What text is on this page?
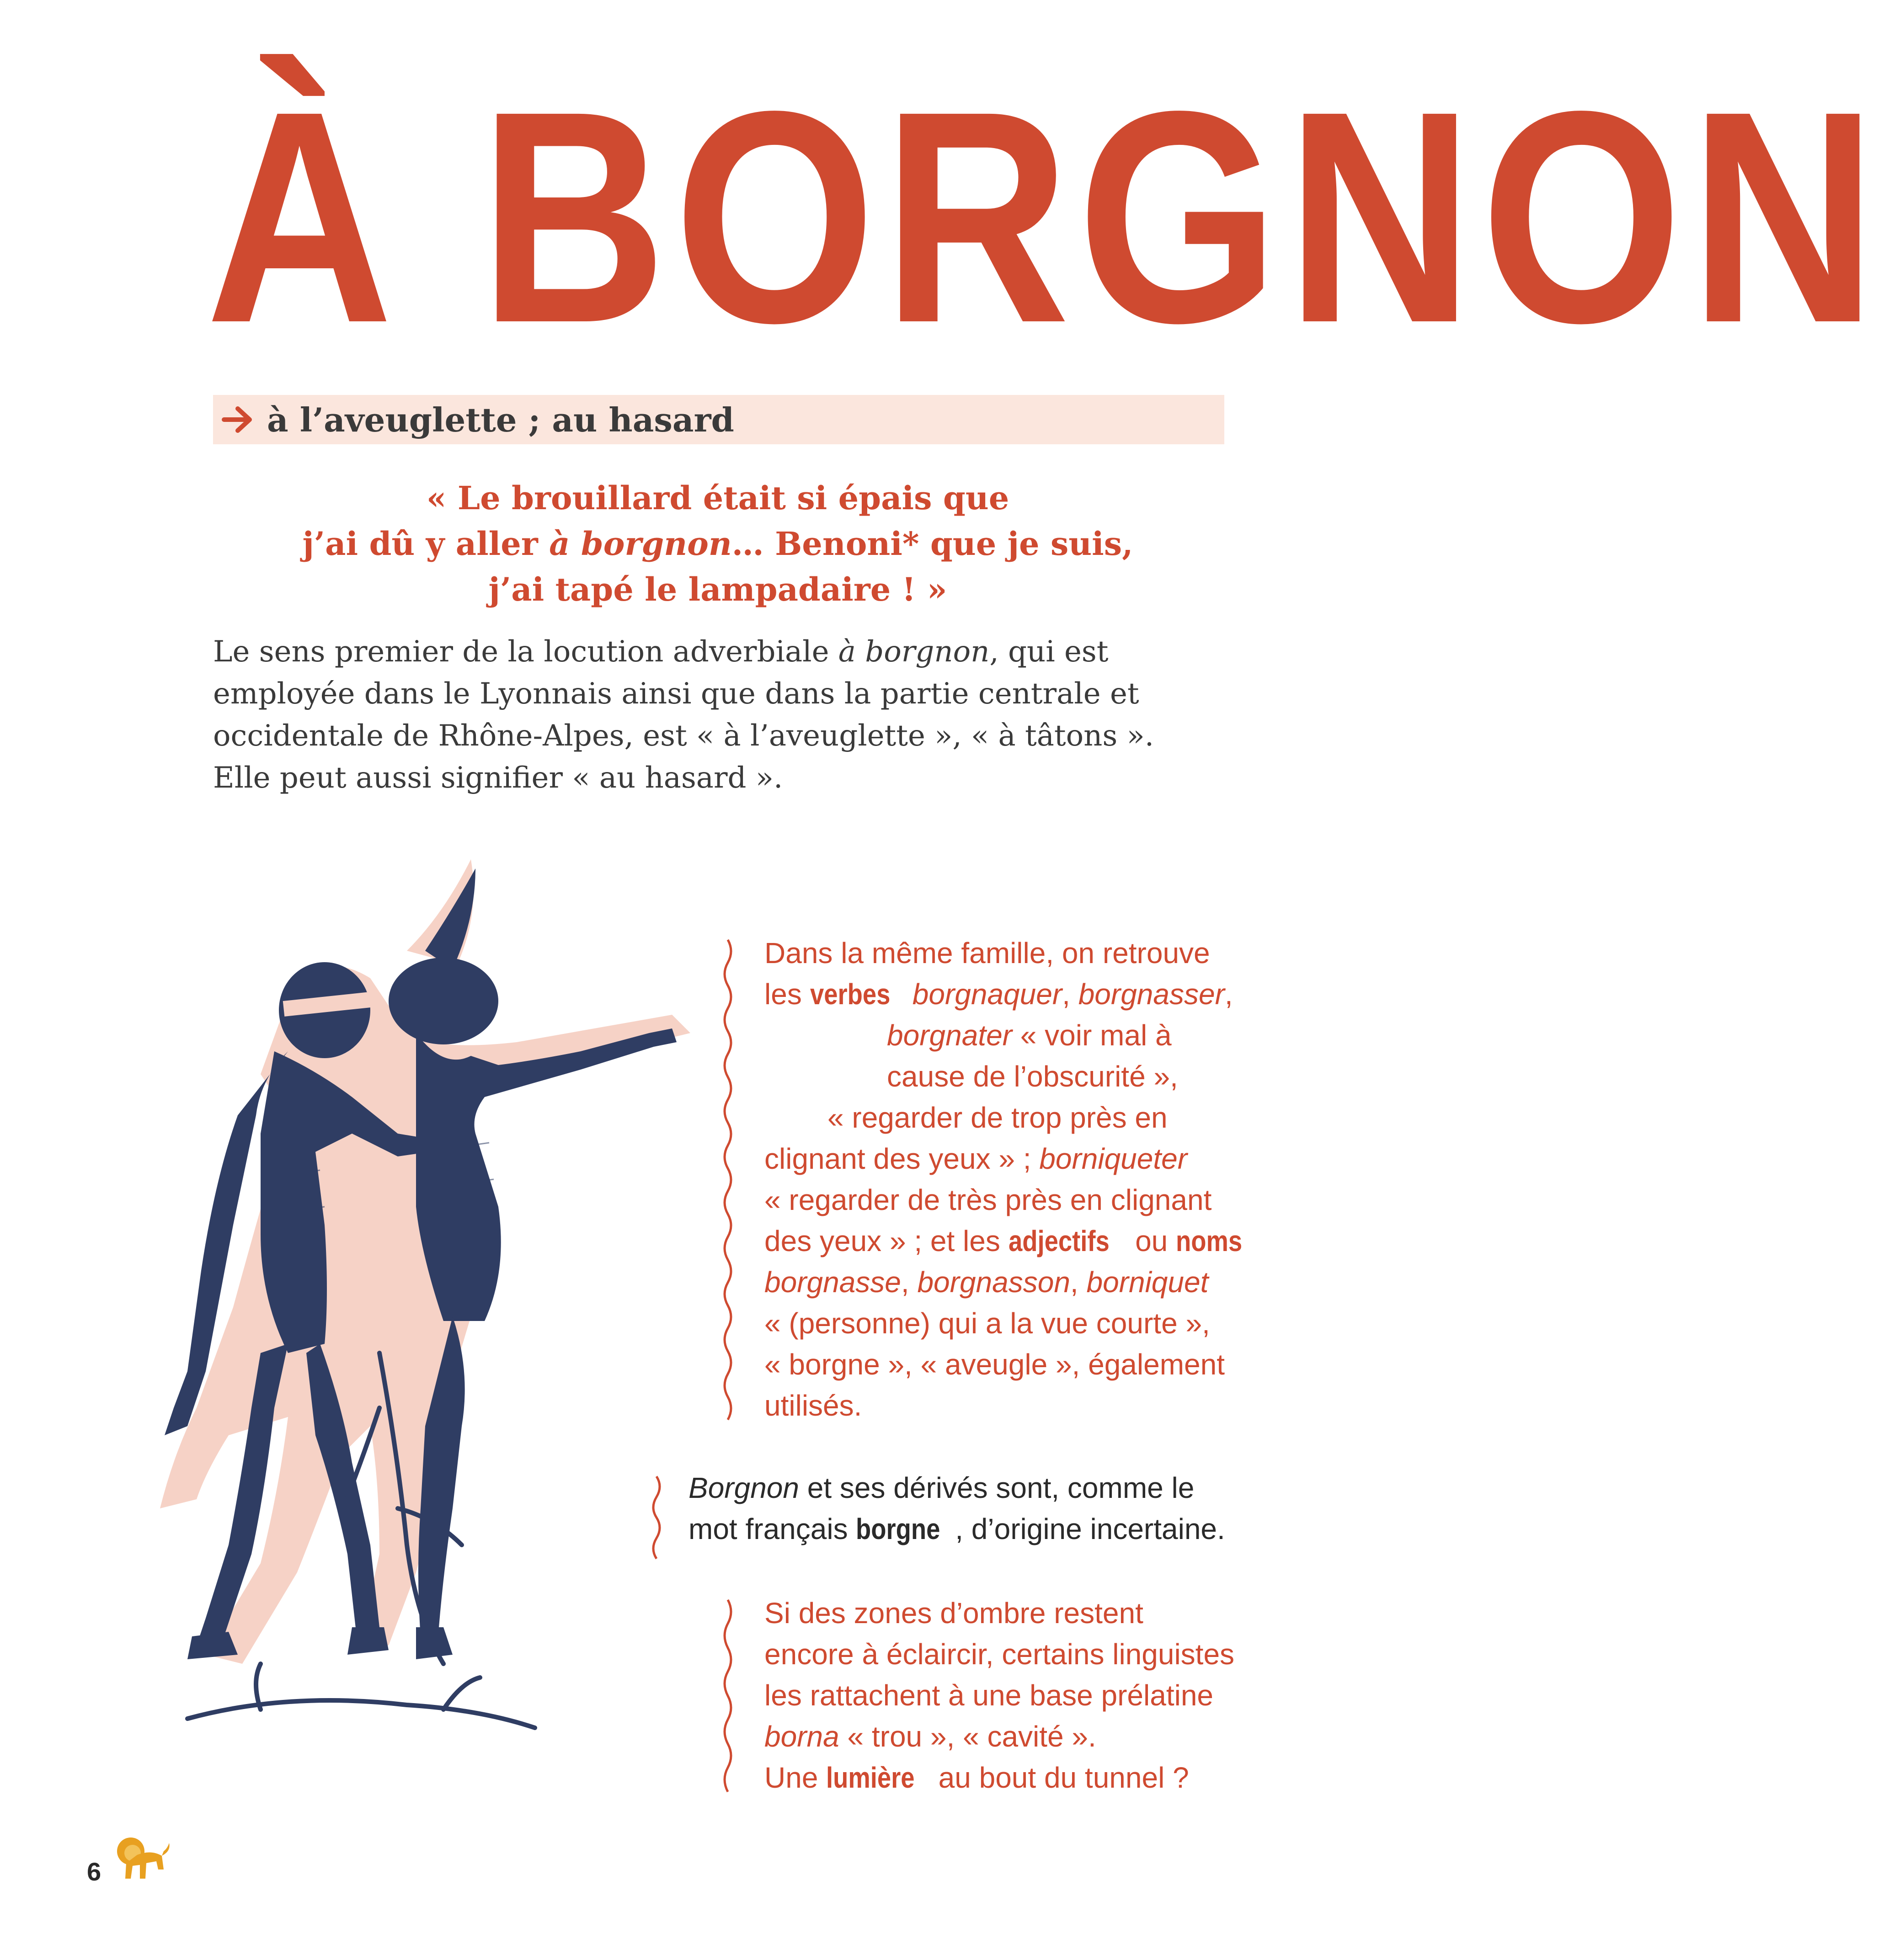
À BORGNON
à l’aveuglette ; au hasard
« Le brouillard était si épais que
j’ai dû y aller à borgnon… Benoni* que je suis,
j’ai tapé le lampadaire ! »
Le sens premier de la locution adverbiale à borgnon, qui est
employée dans le Lyonnais ainsi que dans la partie centrale et
occidentale de Rhône-Alpes, est « à l’aveuglette », « à tâtons ».
Elle peut aussi signifier « au hasard ».
Dans la même famille, on retrouve
les verbes borgnaquer, borgnasser,
borgnater « voir mal à
cause de l’obscurité »,
« regarder de trop près en
clignant des yeux » ; borniqueter
« regarder de très près en clignant
des yeux » ; et les adjectifs ou noms
borgnasse, borgnasson, borniquet
« (personne) qui a la vue courte »,
« borgne », « aveugle », également
utilisés.
Borgnon et ses dérivés sont, comme le
mot français borgne , d’origine incertaine.
Si des zones d’ombre restent
encore à éclaircir, certains linguistes
les rattachent à une base prélatine
borna « trou », « cavité ».
Une lumière au bout du tunnel ?
6
